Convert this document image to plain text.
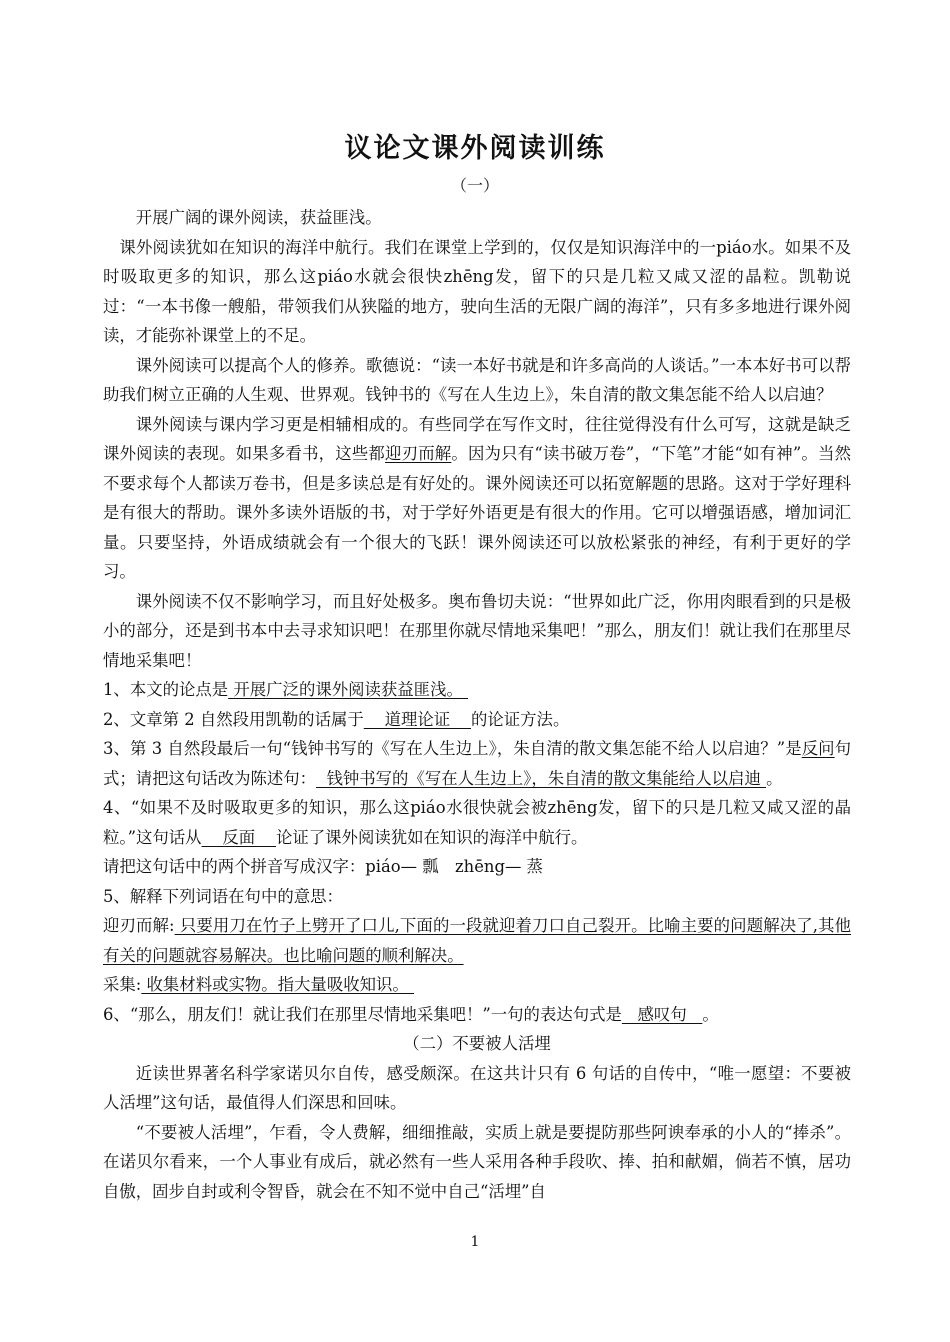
议论文课外阅读训练

（一）

开展广阔的课外阅读，获益匪浅。

课外阅读犹如在知识的海洋中航行。我们在课堂上学到的，仅仅是知识海洋中的一piáo水。如果不及时吸取更多的知识，那么这piáo水就会很快zhēng发，留下的只是几粒又咸又涩的晶粒。凯勒说过：“一本书像一艘船，带领我们从狭隘的地方，驶向生活的无限广阔的海洋”，只有多多地进行课外阅读，才能弥补课堂上的不足。

课外阅读可以提高个人的修养。歌德说：“读一本好书就是和许多高尚的人谈话。”一本本好书可以帮助我们树立正确的人生观、世界观。钱钟书的《写在人生边上》，朱自清的散文集怎能不给人以启迪？

课外阅读与课内学习更是相辅相成的。有些同学在写作文时，往往觉得没有什么可写，这就是缺乏课外阅读的表现。如果多看书，这些都迎刃而解。因为只有“读书破万卷”，“下笔”才能“如有神”。当然不要求每个人都读万卷书，但是多读总是有好处的。课外阅读还可以拓宽解题的思路。这对于学好理科是有很大的帮助。课外多读外语版的书，对于学好外语更是有很大的作用。它可以增强语感，增加词汇量。只要坚持，外语成绩就会有一个很大的飞跃！课外阅读还可以放松紧张的神经，有利于更好的学习。

课外阅读不仅不影响学习，而且好处极多。奥布鲁切夫说：“世界如此广泛，你用肉眼看到的只是极小的部分，还是到书本中去寻求知识吧！在那里你就尽情地采集吧！”那么，朋友们！就让我们在那里尽情地采集吧！

1、本文的论点是 开展广泛的课外阅读获益匪浅。

2、文章第 2 自然段用凯勒的话属于    道理论证    的论证方法。

3、第 3 自然段最后一句“钱钟书写的《写在人生边上》，朱自清的散文集怎能不给人以启迪？”是反问句式；请把这句话改为陈述句：  钱钟书写的《写在人生边上》，朱自清的散文集能给人以启迪 。

4、“如果不及时吸取更多的知识，那么这piáo水很快就会被zhēng发，留下的只是几粒又咸又涩的晶粒。”这句话从    反面    论证了课外阅读犹如在知识的海洋中航行。

请把这句话中的两个拼音写成汉字：piáo— 瓢　zhēng— 蒸

5、解释下列词语在句中的意思：

迎刃而解: 只要用刀在竹子上劈开了口儿,下面的一段就迎着刀口自己裂开。比喻主要的问题解决了,其他有关的问题就容易解决。也比喻问题的顺利解决。

采集: 收集材料或实物。指大量吸收知识。

6、“那么，朋友们！就让我们在那里尽情地采集吧！”一句的表达句式是   感叹句   。

（二）不要被人活埋

近读世界著名科学家诺贝尔自传，感受颇深。在这共计只有 6 句话的自传中，“唯一愿望：不要被人活埋”这句话，最值得人们深思和回味。

“不要被人活埋”，乍看，令人费解，细细推敲，实质上就是要提防那些阿谀奉承的小人的“捧杀”。在诺贝尔看来，一个人事业有成后，就必然有一些人采用各种手段吹、捧、拍和献媚，倘若不慎，居功自傲，固步自封或利令智昏，就会在不知不觉中自己“活埋”自

1
